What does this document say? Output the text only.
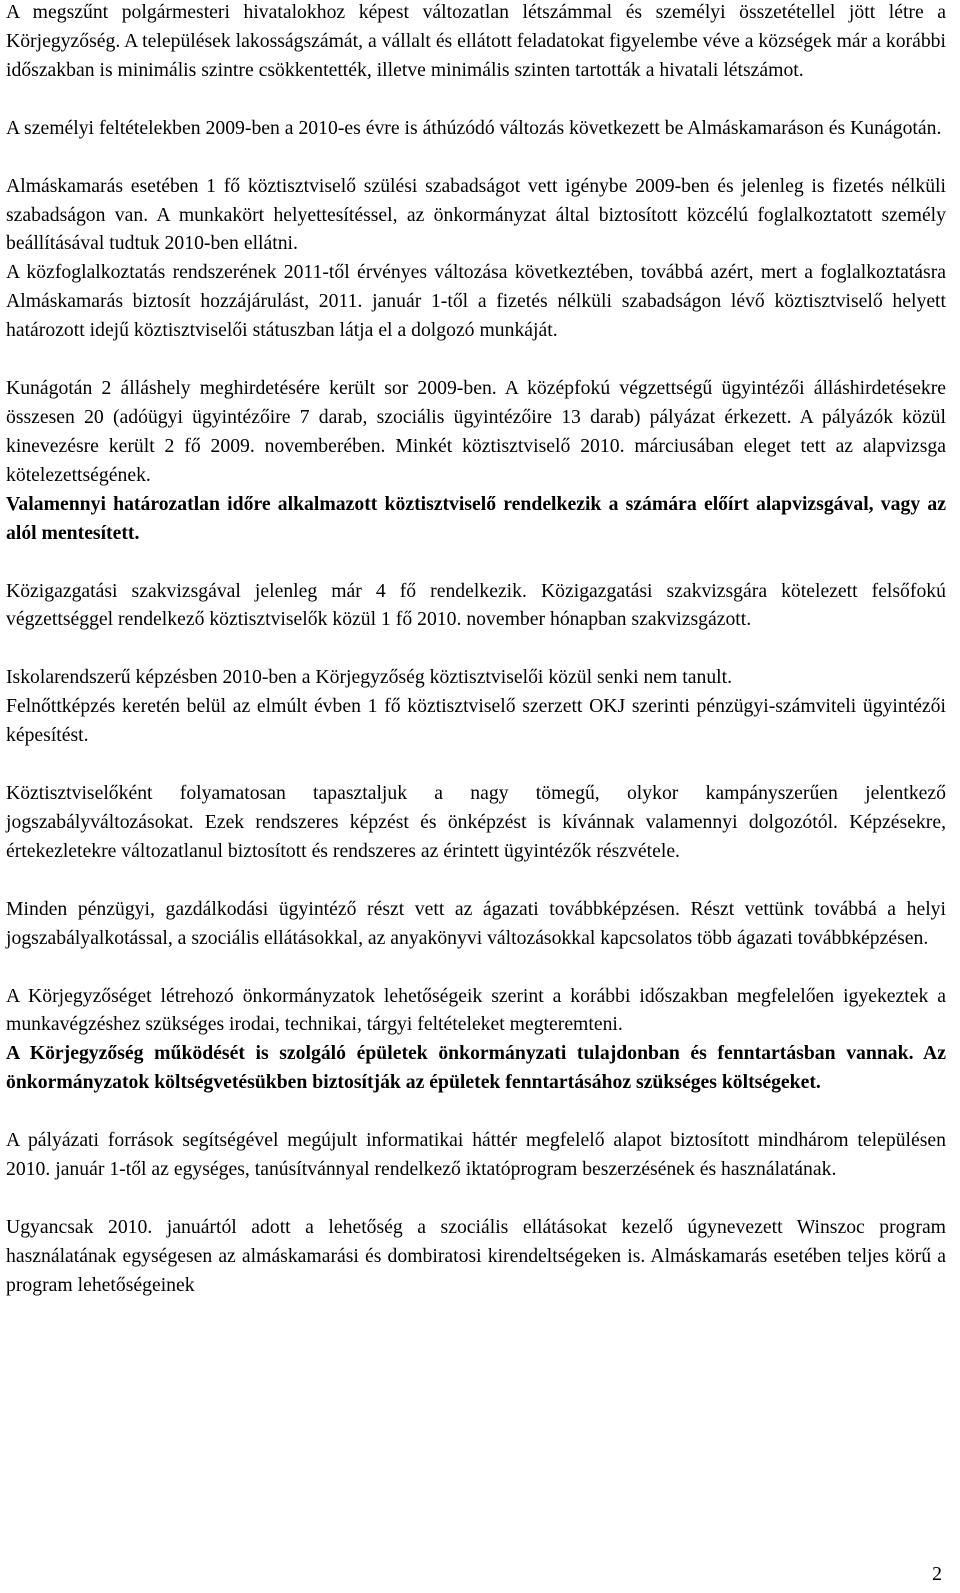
A megszűnt polgármesteri hivatalokhoz képest változatlan létszámmal és személyi összetétellel jött létre a Körjegyzőség. A települések lakosságszámát, a vállalt és ellátott feladatokat figyelembe véve a községek már a korábbi időszakban is minimális szintre csökkentették, illetve minimális szinten tartották a hivatali létszámot.

A személyi feltételekben 2009-ben a 2010-es évre is áthúzódó változás következett be Almáskamaráson és Kunágotán.

Almáskamarás esetében 1 fő köztisztviselő szülési szabadságot vett igénybe 2009-ben és jelenleg is fizetés nélküli szabadságon van. A munkakört helyettesítéssel, az önkormányzat által biztosított közcélú foglalkoztatott személy beállításával tudtuk 2010-ben ellátni.

A közfoglalkoztatás rendszerének 2011-től érvényes változása következtében, továbbá azért, mert a foglalkoztatásra Almáskamarás biztosít hozzájárulást, 2011. január 1-től a fizetés nélküli szabadságon lévő köztisztviselő helyett határozott idejű köztisztviselői státuszban látja el a dolgozó munkáját.

Kunágotán 2 álláshely meghirdetésére került sor 2009-ben. A középfokú végzettségű ügyintézői álláshirdetésekre összesen 20 (adóügyi ügyintézőire 7 darab, szociális ügyintézőire 13 darab) pályázat érkezett. A pályázók közül kinevezésre került 2 fő 2009. novemberében. Minkét köztisztviselő 2010. márciusában eleget tett az alapvizsga kötelezettségének.

Valamennyi határozatlan időre alkalmazott köztisztviselő rendelkezik a számára előírt alapvizsgával, vagy az alól mentesített.

Közigazgatási szakvizsgával jelenleg már 4 fő rendelkezik. Közigazgatási szakvizsgára kötelezett felsőfokú végzettséggel rendelkező köztisztviselők közül 1 fő 2010. november hónapban szakvizsgázott.

Iskolarendszerű képzésben 2010-ben a Körjegyzőség köztisztviselői közül senki nem tanult.

Felnőttképzés keretén belül az elmúlt évben 1 fő köztisztviselő szerzett OKJ szerinti pénzügyi-számviteli ügyintézői képesítést.

Köztisztviselőként folyamatosan tapasztaljuk a nagy tömegű, olykor kampányszerűen jelentkező jogszabályváltozásokat. Ezek rendszeres képzést és önképzést is kívánnak valamennyi dolgozótól. Képzésekre, értekezletekre változatlanul biztosított és rendszeres az érintett ügyintézők részvétele.

Minden pénzügyi, gazdálkodási ügyintéző részt vett az ágazati továbbképzésen. Részt vettünk továbbá a helyi jogszabályalkotással, a szociális ellátásokkal, az anyakönyvi változásokkal kapcsolatos több ágazati továbbképzésen.

A Körjegyzőséget létrehozó önkormányzatok lehetőségeik szerint a korábbi időszakban megfelelően igyekeztek a munkavégzéshez szükséges irodai, technikai, tárgyi feltételeket megteremteni.

A Körjegyzőség működését is szolgáló épületek önkormányzati tulajdonban és fenntartásban vannak. Az önkormányzatok költségvetésükben biztosítják az épületek fenntartásához szükséges költségeket.

A pályázati források segítségével megújult informatikai háttér megfelelő alapot biztosított mindhárom településen 2010. január 1-től az egységes, tanúsítvánnyal rendelkező iktatóprogram beszerzésének és használatának.

Ugyancsak 2010. januártól adott a lehetőség a szociális ellátásokat kezelő úgynevezett Winszoc program használatának egységesen az almáskamarási és dombiratosi kirendeltségeken is. Almáskamarás esetében teljes körű a program lehetőségeinek

2
